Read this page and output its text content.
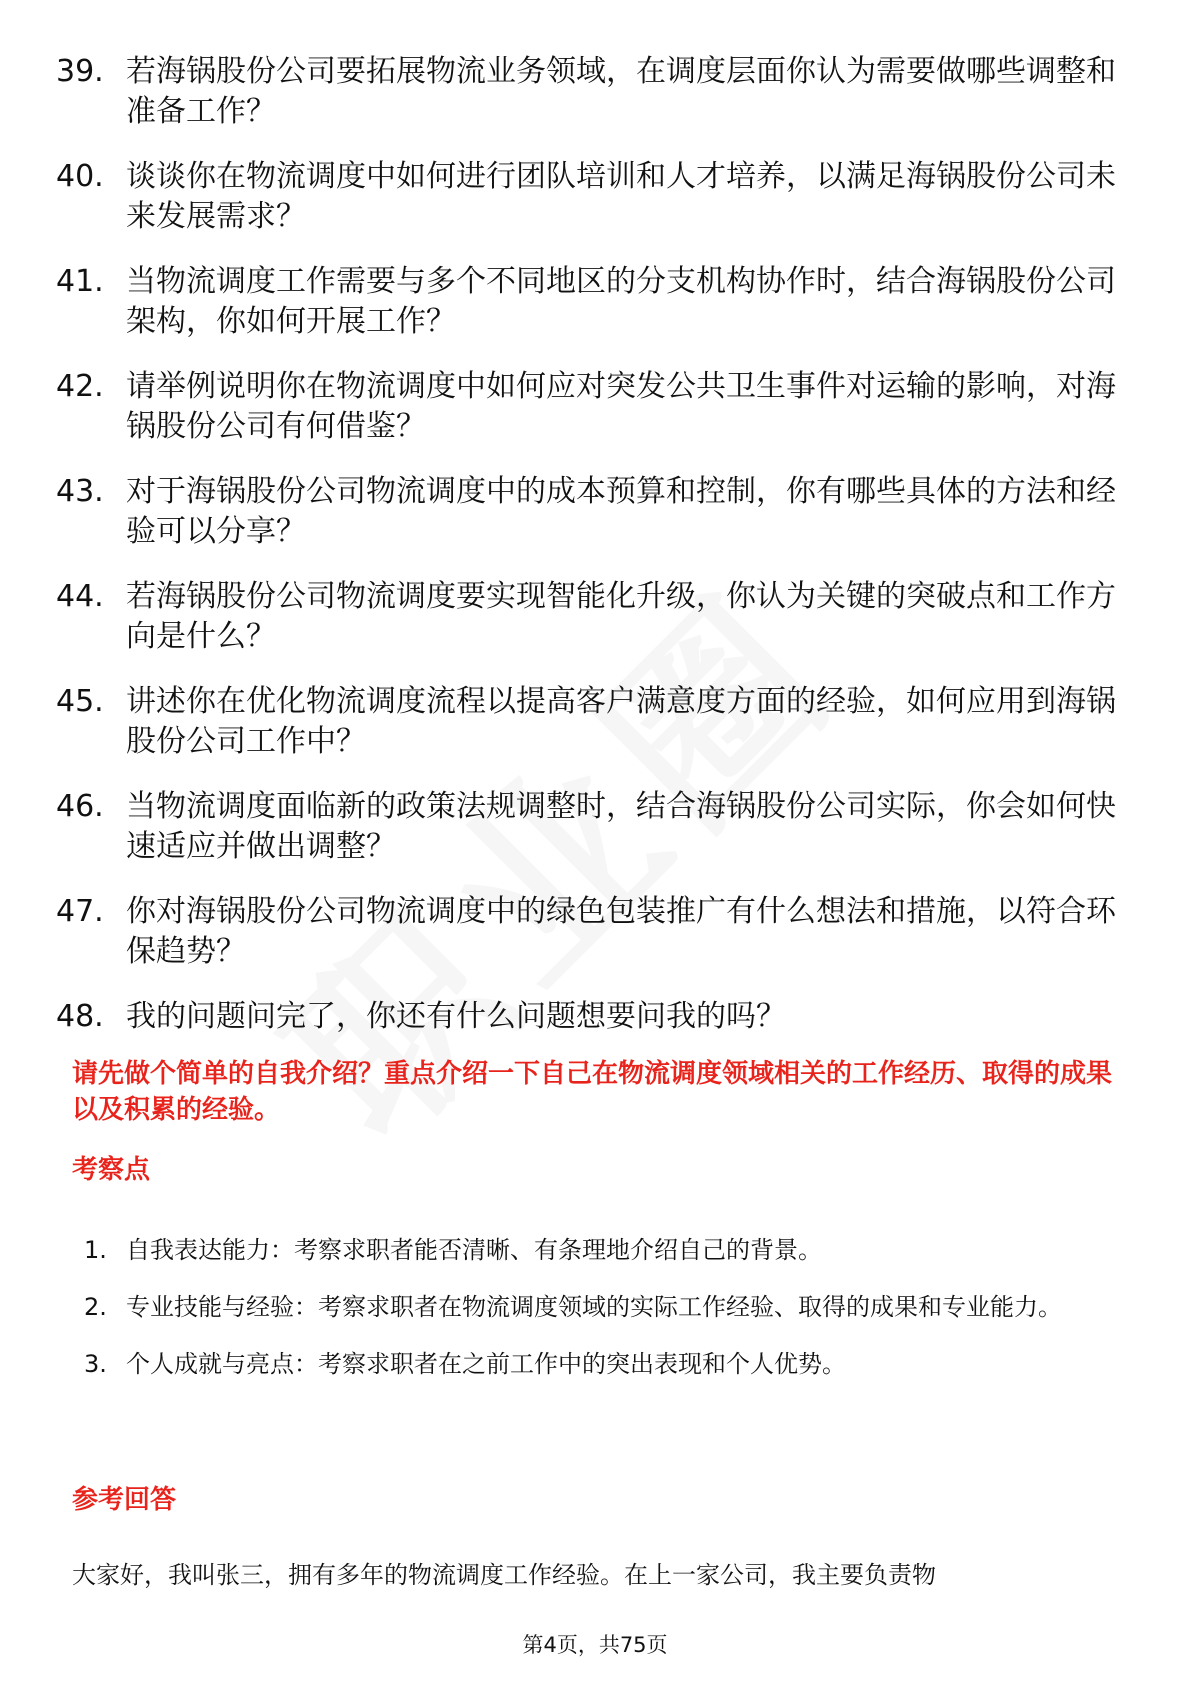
39. 若海锅股份公司要拓展物流业务领域，在调度层面你认为需要做哪些调整和准备工作？
40. 谈谈你在物流调度中如何进行团队培训和人才培养，以满足海锅股份公司未来发展需求？
41. 当物流调度工作需要与多个不同地区的分支机构协作时，结合海锅股份公司架构，你如何开展工作？
42. 请举例说明你在物流调度中如何应对突发公共卫生事件对运输的影响，对海锅股份公司有何借鉴？
43. 对于海锅股份公司物流调度中的成本预算和控制，你有哪些具体的方法和经验可以分享？
44. 若海锅股份公司物流调度要实现智能化升级，你认为关键的突破点和工作方向是什么？
45. 讲述你在优化物流调度流程以提高客户满意度方面的经验，如何应用到海锅股份公司工作中？
46. 当物流调度面临新的政策法规调整时，结合海锅股份公司实际，你会如何快速适应并做出调整？
47. 你对海锅股份公司物流调度中的绿色包装推广有什么想法和措施，以符合环保趋势？
48. 我的问题问完了，你还有什么问题想要问我的吗？
请先做个简单的自我介绍？重点介绍一下自己在物流调度领域相关的工作经历、取得的成果以及积累的经验。
考察点
1. 自我表达能力：考察求职者能否清晰、有条理地介绍自己的背景。
2. 专业技能与经验：考察求职者在物流调度领域的实际工作经验、取得的成果和专业能力。
3. 个人成就与亮点：考察求职者在之前工作中的突出表现和个人优势。
参考回答

大家好，我叫张三，拥有多年的物流调度工作经验。在上一家公司，我主要负责物

第4页，共75页
